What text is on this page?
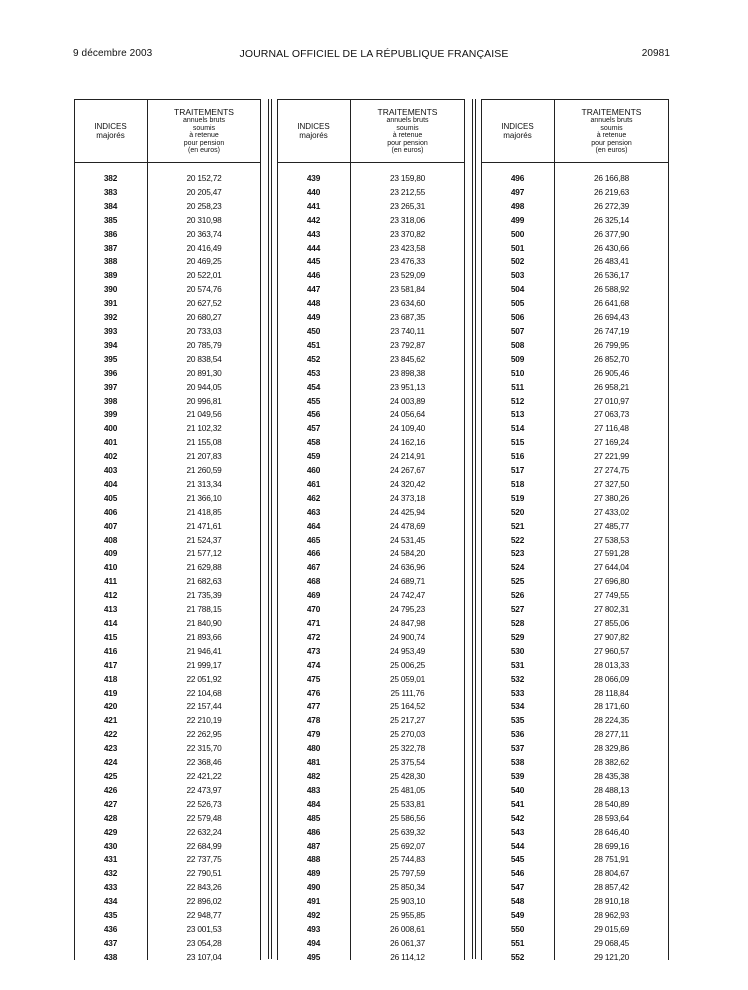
JOURNAL OFFICIEL DE LA RÉPUBLIQUE FRANÇAISE
9 décembre 2003	20981
INDICES
majorés
TRAITEMENTS
annuels bruts
soumis
à retenue
pour pension
(en euros)
382	20 152,72
383	20 205,47
384	20 258,23
385	20 310,98
386	20 363,74
387	20 416,49
388	20 469,25
389	20 522,01
390	20 574,76
391	20 627,52
392	20 680,27
393	20 733,03
394	20 785,79
395	20 838,54
396	20 891,30
397	20 944,05
398	20 996,81
399	21 049,56
400	21 102,32
401	21 155,08
402	21 207,83
403	21 260,59
404	21 313,34
405	21 366,10
406	21 418,85
407	21 471,61
408	21 524,37
409	21 577,12
410	21 629,88
411	21 682,63
412	21 735,39
413	21 788,15
414	21 840,90
415	21 893,66
416	21 946,41
417	21 999,17
418	22 051,92
419	22 104,68
420	22 157,44
421	22 210,19
422	22 262,95
423	22 315,70
424	22 368,46
425	22 421,22
426	22 473,97
427	22 526,73
428	22 579,48
429	22 632,24
430	22 684,99
431	22 737,75
432	22 790,51
433	22 843,26
434	22 896,02
435	22 948,77
436	23 001,53
437	23 054,28
438	23 107,04
INDICES
majorés
TRAITEMENTS
annuels bruts
soumis
à retenue
pour pension
(en euros)
439	23 159,80
440	23 212,55
441	23 265,31
442	23 318,06
443	23 370,82
444	23 423,58
445	23 476,33
446	23 529,09
447	23 581,84
448	23 634,60
449	23 687,35
450	23 740,11
451	23 792,87
452	23 845,62
453	23 898,38
454	23 951,13
455	24 003,89
456	24 056,64
457	24 109,40
458	24 162,16
459	24 214,91
460	24 267,67
461	24 320,42
462	24 373,18
463	24 425,94
464	24 478,69
465	24 531,45
466	24 584,20
467	24 636,96
468	24 689,71
469	24 742,47
470	24 795,23
471	24 847,98
472	24 900,74
473	24 953,49
474	25 006,25
475	25 059,01
476	25 111,76
477	25 164,52
478	25 217,27
479	25 270,03
480	25 322,78
481	25 375,54
482	25 428,30
483	25 481,05
484	25 533,81
485	25 586,56
486	25 639,32
487	25 692,07
488	25 744,83
489	25 797,59
490	25 850,34
491	25 903,10
492	25 955,85
493	26 008,61
494	26 061,37
495	26 114,12
INDICES
majorés
TRAITEMENTS
annuels bruts
soumis
à retenue
pour pension
(en euros)
496	26 166,88
497	26 219,63
498	26 272,39
499	26 325,14
500	26 377,90
501	26 430,66
502	26 483,41
503	26 536,17
504	26 588,92
505	26 641,68
506	26 694,43
507	26 747,19
508	26 799,95
509	26 852,70
510	26 905,46
511	26 958,21
512	27 010,97
513	27 063,73
514	27 116,48
515	27 169,24
516	27 221,99
517	27 274,75
518	27 327,50
519	27 380,26
520	27 433,02
521	27 485,77
522	27 538,53
523	27 591,28
524	27 644,04
525	27 696,80
526	27 749,55
527	27 802,31
528	27 855,06
529	27 907,82
530	27 960,57
531	28 013,33
532	28 066,09
533	28 118,84
534	28 171,60
535	28 224,35
536	28 277,11
537	28 329,86
538	28 382,62
539	28 435,38
540	28 488,13
541	28 540,89
542	28 593,64
543	28 646,40
544	28 699,16
545	28 751,91
546	28 804,67
547	28 857,42
548	28 910,18
549	28 962,93
550	29 015,69
551	29 068,45
552	29 121,20
